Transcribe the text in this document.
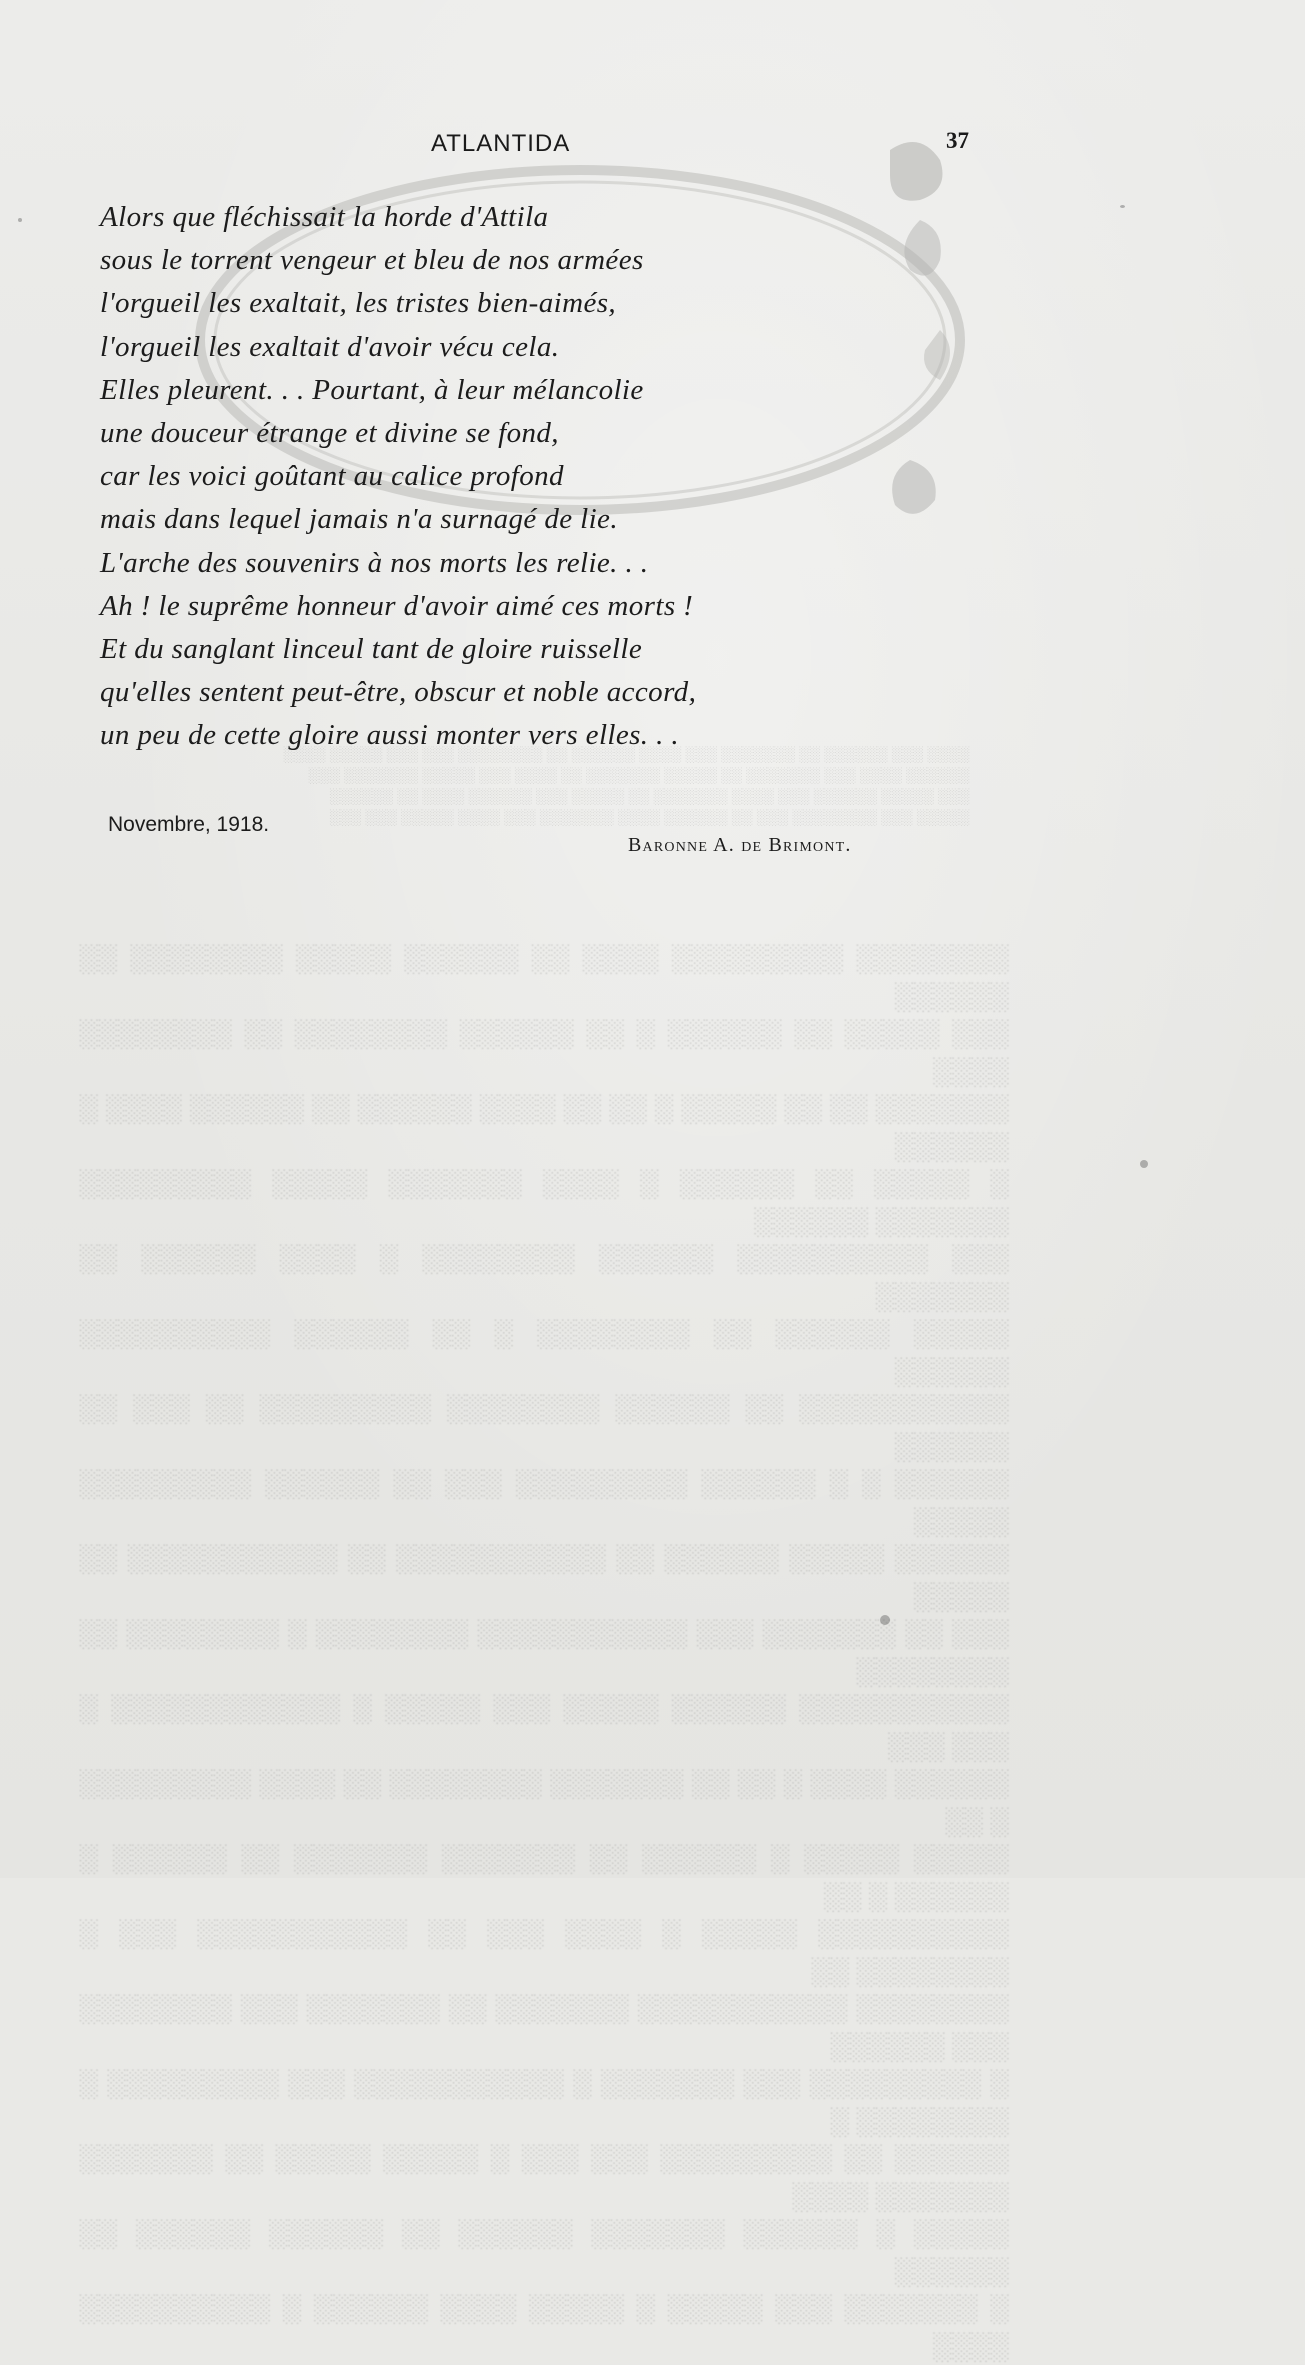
░░░░ ░░░ ░░░░░░ ░░ ░░░░░░░ ░░░ ░░░░ ░░░░░░ ░░ ░░░░░░░░ ░░░ ░░░ ░░░░░ ░░░░
░░░░░░ ░░░░ ░░░ ░░░░░░░ ░░ ░░░░░ ░░░░░░░ ░░ ░░░░ ░░░ ░░░░░ ░░░░░░░ ░░░
░░░ ░░░░░ ░░░░░░ ░░░ ░░░░ ░░░░░░░ ░░ ░░░░░ ░░░ ░░░░░░ ░░░░ ░░ ░░░░░░
░░░░░ ░░░ ░░░░░░░░ ░░░ ░░ ░░░░░░ ░░░░ ░░░░░░░ ░░░ ░░░░ ░░░░░ ░░░ ░░░
░░░░░░░░ ░░░░░░░░░ ░░░░ ░░ ░░░░░░ ░░░░░ ░░░░░░░░ ░░ ░░░░░░
░░░ ░░░░░ ░░ ░░░░░░ ░ ░░ ░░░░░░ ░░░░░░░░ ░░ ░░░░░░░░ ░░░░
░░░░░░░ ░░ ░░ ░░░░░ ░ ░░ ░░ ░░░░ ░░░░░░ ░░ ░░░░░░ ░░░░ ░ ░░░░░░
░ ░░░░░ ░░ ░░░░░░ ░ ░░░░ ░░░░░░░ ░░░░░ ░░░░░░░░░ ░░░░░░░ ░░░░░░
░░░ ░░░░░░░░░░ ░░░░░░ ░░░░░░░░ ░ ░░░░ ░░░░░░ ░░ ░░░░░░░
░░░░░ ░░░░░░ ░░ ░░░░░░░░ ░ ░░ ░░░░░░ ░░░░░░░░░░ ░░░░░░
░░░░░░░░░░░ ░░ ░░░░░░ ░░░░░░░░ ░░░░░░░░░ ░░ ░░░ ░░ ░░░░░░
░░░░░░ ░ ░ ░░░░░░ ░░░░░░░░░ ░░░ ░░ ░░░░░░ ░░░░░░░░░ ░░░░░
░░░░░░ ░░░░░ ░░░░░░ ░░ ░░░░░░░░░░░ ░░ ░░░░░░░░░░░ ░░ ░░░░░
░░░ ░░ ░░░░░░░ ░░░ ░░░░░░░░░░░ ░░░░░░░░ ░ ░░░░░░░░ ░░ ░░░░░░░░
░░░░░░░░░░░ ░░░░░░ ░░░░░ ░░░ ░░░░░ ░ ░░░░░░░░░░░░ ░ ░░░ ░░░
░░░░░░ ░░░░ ░ ░░ ░░ ░░░░░░░ ░░░░░░░░ ░░ ░░░░ ░░░░░░░░░ ░ ░░
░░░░░ ░░░░░ ░ ░░░░░░ ░░ ░░░░░░░ ░░░░░░░ ░░ ░░░░░░ ░ ░░░░░░ ░ ░░
░░░░░░░░░░ ░░░░░ ░ ░░░░ ░░░ ░░ ░░░░░░░░░░░ ░░░ ░ ░░░░░░░░ ░░
░░░░░░░░ ░░░░░░░░░░░ ░░░░░░░ ░░ ░░░░░░░ ░░░ ░░░░░░░░ ░░░ ░░░░░░
░ ░░░░░░░░░ ░░░ ░░░░░░░ ░ ░░░░░░░░░░░ ░░░ ░░░░░░░░░ ░ ░░░░░░░░ ░
░░░░░░ ░░ ░░░░░░░░░ ░░░ ░░░ ░ ░░░░░ ░░░░░ ░░ ░░░░░░░ ░░░░░░░ ░░░░
░░░░░ ░ ░░░░░░ ░░░░░░░ ░░░░░░ ░░ ░░░░░░ ░░░░░░ ░░ ░░░░░░
░ ░░░░░░░ ░░░ ░░░░░ ░ ░░░░░ ░░░░ ░░░░░░ ░ ░░░░░░░░░░ ░░░░
ATLANTIDA	37
Alors que fléchissait la horde d'Attila
sous le torrent vengeur et bleu de nos armées
l'orgueil les exaltait, les tristes bien-aimés,
l'orgueil les exaltait d'avoir vécu cela.
Elles pleurent. . . Pourtant, à leur mélancolie
une douceur étrange et divine se fond,
car les voici goûtant au calice profond
mais dans lequel jamais n'a surnagé de lie.
L'arche des souvenirs à nos morts les relie. . .
Ah ! le suprême honneur d'avoir aimé ces morts !
Et du sanglant linceul tant de gloire ruisselle
qu'elles sentent peut-être, obscur et noble accord,
un peu de cette gloire aussi monter vers elles. . .
Novembre, 1918.
Baronne A. de Brimont.
